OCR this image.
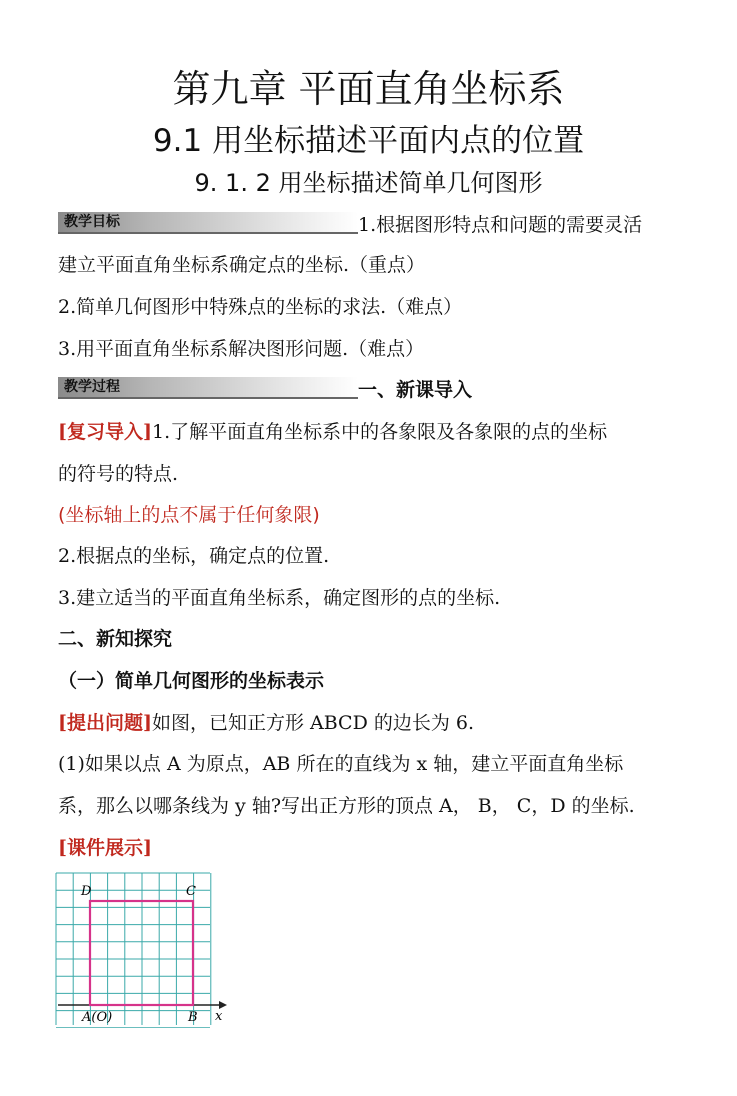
第九章 平面直角坐标系
9.1 用坐标描述平面内点的位置
9. 1. 2 用坐标描述简单几何图形
教学目标	1.根据图形特点和问题的需要灵活
建立平面直角坐标系确定点的坐标.（重点）
2.简单几何图形中特殊点的坐标的求法.（难点）
3.用平面直角坐标系解决图形问题.（难点）
教学过程	一、新课导入
[复习导入]1.了解平面直角坐标系中的各象限及各象限的点的坐标
的符号的特点.
(坐标轴上的点不属于任何象限)
2.根据点的坐标，确定点的位置.
3.建立适当的平面直角坐标系，确定图形的点的坐标.
二、新知探究
（一）简单几何图形的坐标表示
[提出问题]如图，已知正方形 ABCD 的边长为 6.
(1)如果以点 A 为原点，AB 所在的直线为 x 轴，建立平面直角坐标
系，那么以哪条线为 y 轴?写出正方形的顶点 A， B， C，D 的坐标.
[课件展示]
D	C
A(O)	B x
